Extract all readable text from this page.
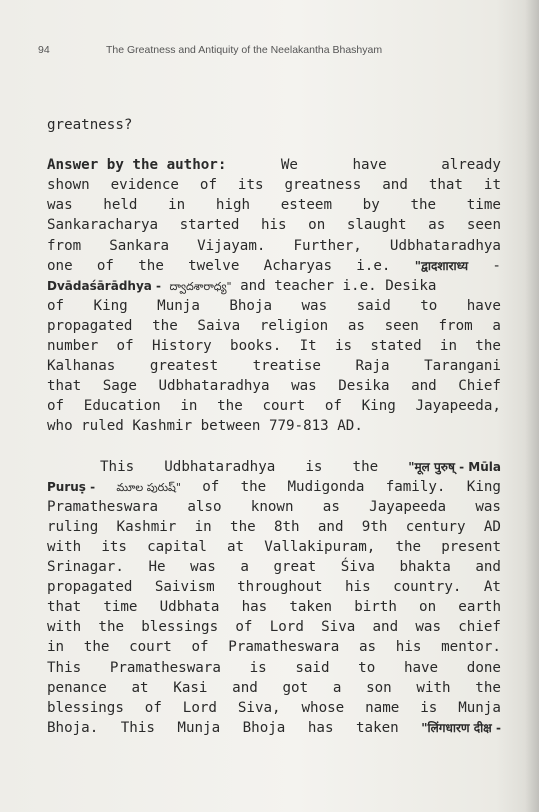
94	The Greatness and Antiquity of the Neelakantha Bhashyam
greatness?
Answer by the author:	We	have	already
shown evidence of its greatness and that it
was held in high esteem by the time
Sankaracharya started his on slaught as seen
from Sankara Vijayam. Further, Udbhataradhya
one of the twelve Acharyas i.e. "द्वादशाराध्य -
Dvādaśārādhya - ద్వాదశారాధ్య" and teacher i.e. Desika
of King Munja Bhoja was said to have
propagated the Saiva religion as seen from a
number of History books. It is stated in the
Kalhanas greatest treatise Raja Tarangani
that Sage Udbhataradhya was Desika and Chief
of Education in the court of King Jayapeeda,
who ruled Kashmir between 779-813 AD.
This Udbhataradhya is the	"मूल पुरुष् - Mūla
Puruṣ - మూల పురుష్" of the Mudigonda family. King
Pramatheswara also known as Jayapeeda was
ruling Kashmir in the 8th and 9th century AD
with its capital at Vallakipuram, the present
Srinagar. He was a great Śiva bhakta and
propagated Saivism throughout his country. At
that time Udbhata has taken birth on earth
with the blessings of Lord Siva and was chief
in the court of Pramatheswara as his mentor.
This Pramatheswara is said to have done
penance at Kasi and got a son with the
blessings of Lord Siva, whose name is Munja
Bhoja. This Munja Bhoja has taken "लिंगधारण दीक्ष -
